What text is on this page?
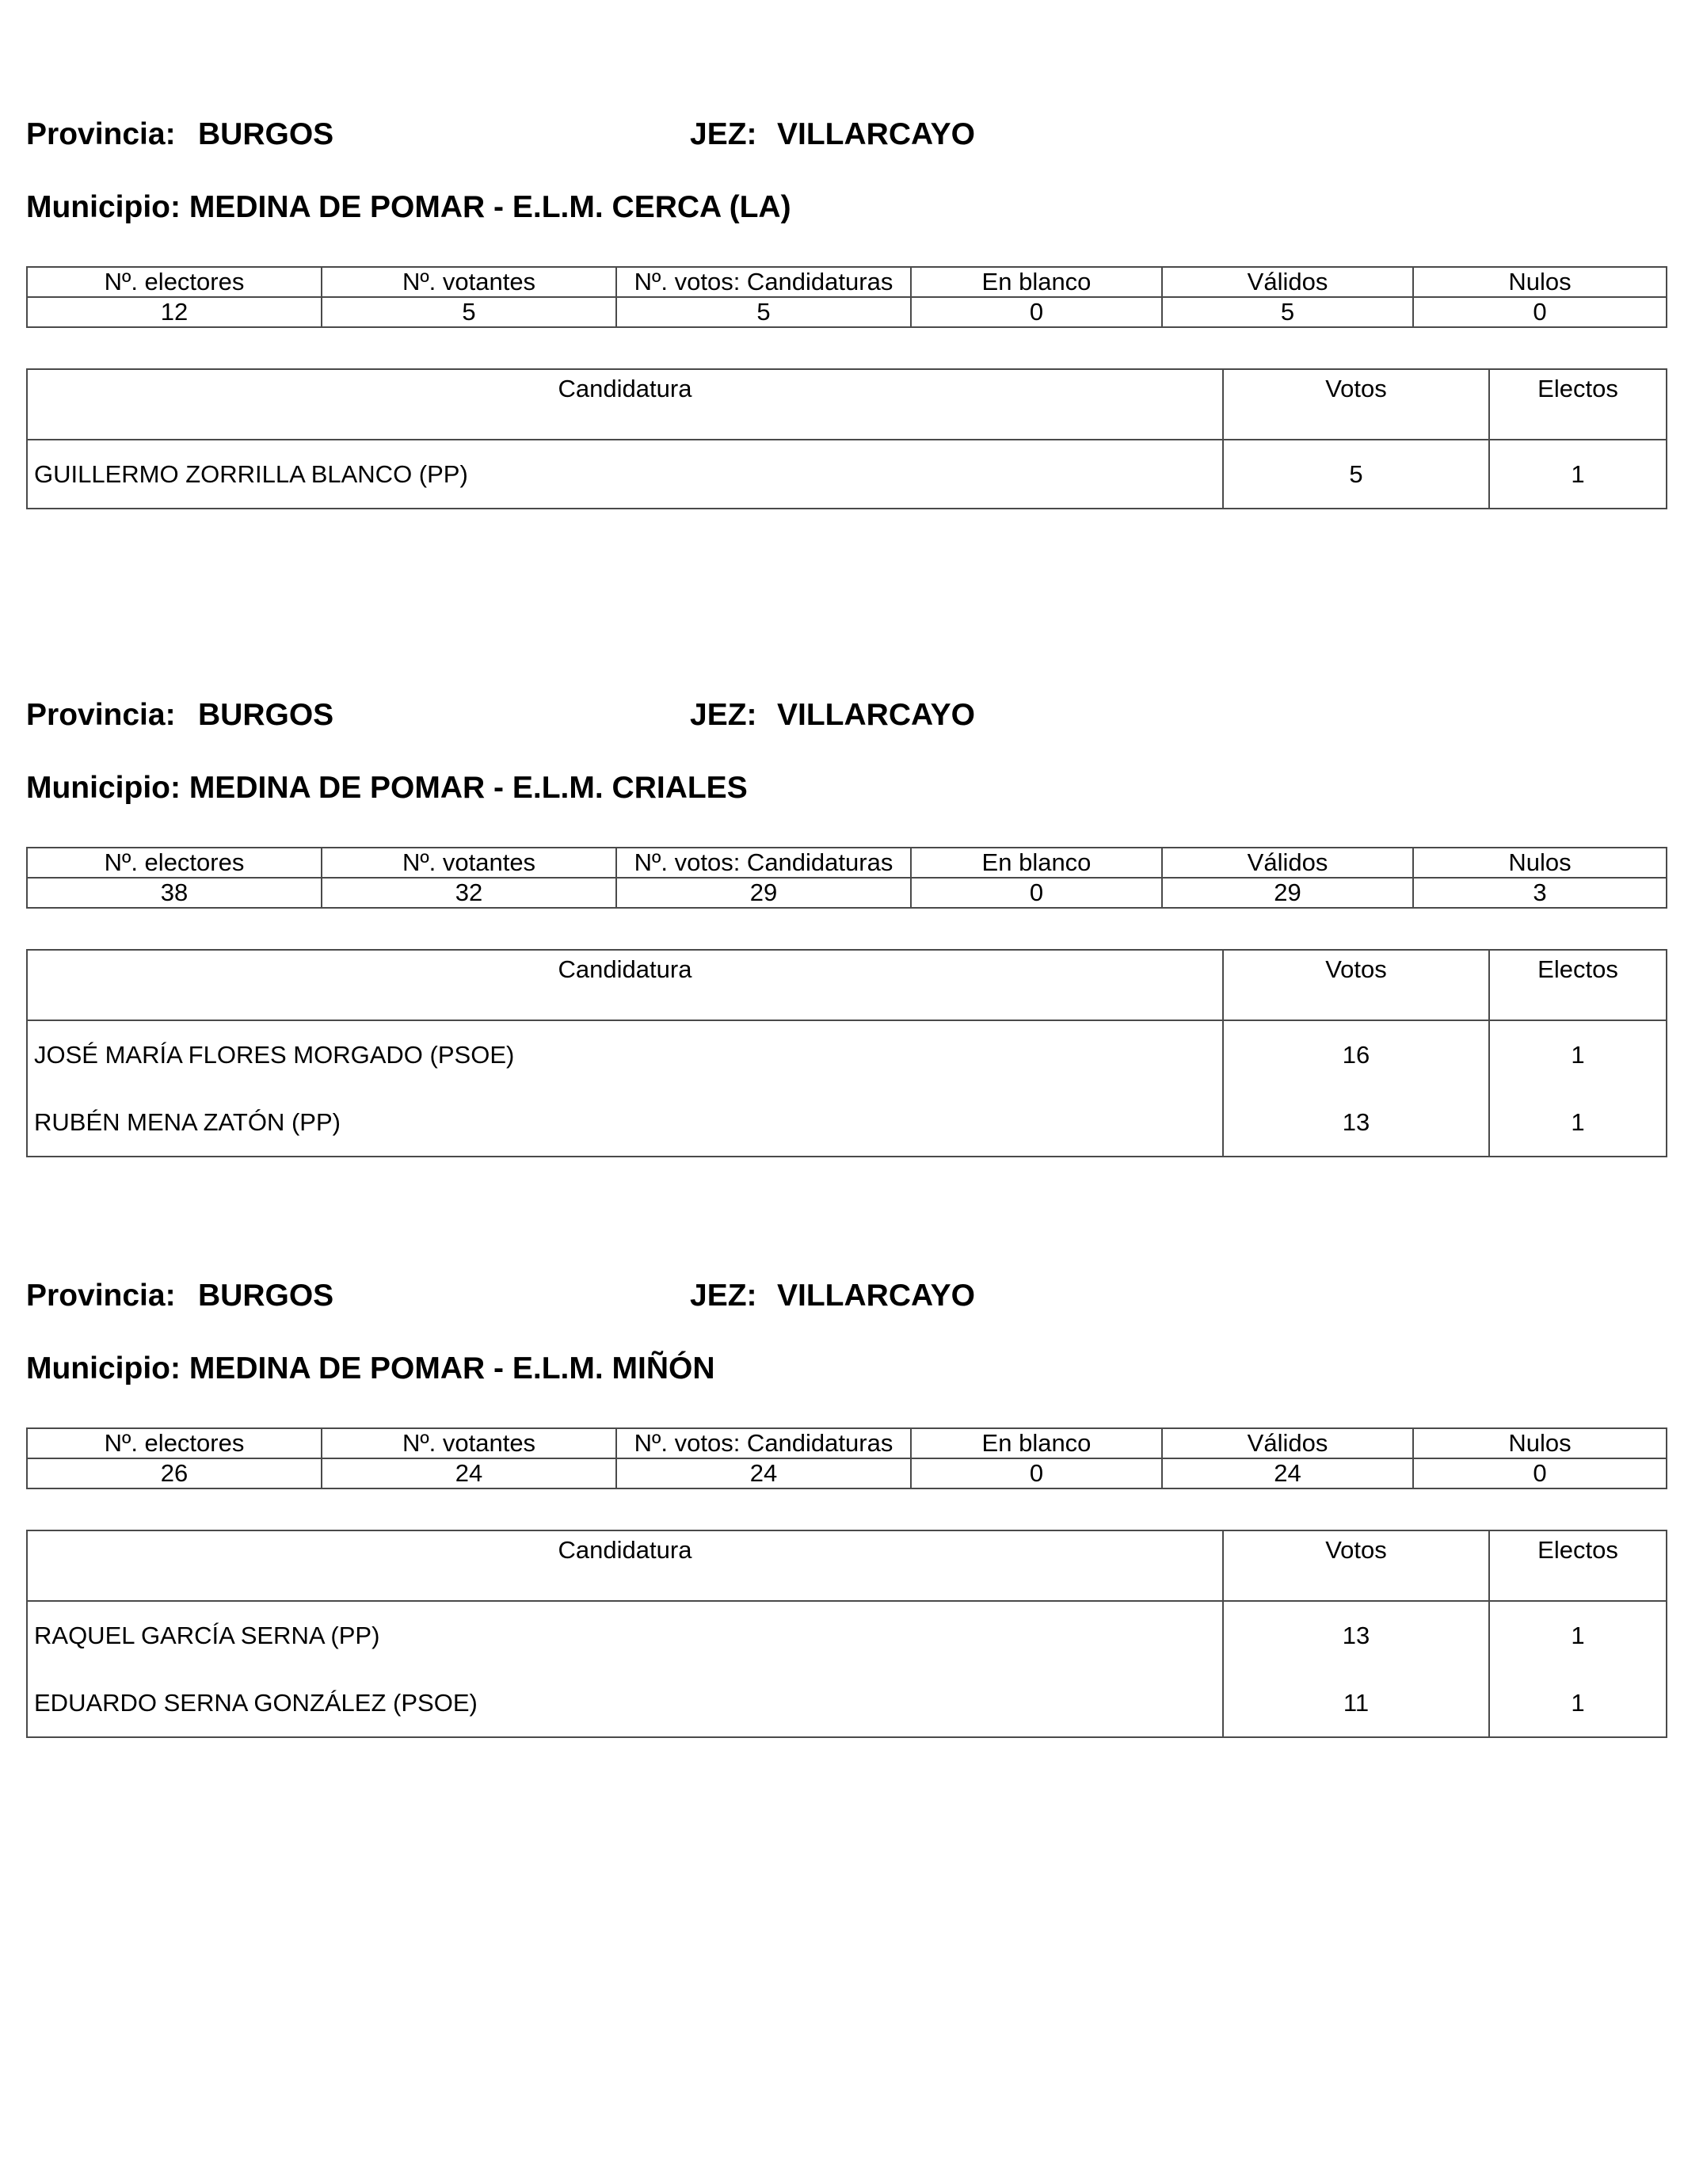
Provincia: BURGOS	JEZ: VILLARCAYO
Municipio: MEDINA DE POMAR - E.L.M. CERCA (LA)
Nº. electores	Nº. votantes	Nº. votos: Candidaturas	En blanco	Válidos	Nulos
12	5	5	0	5	0
Candidatura	Votos	Electos
GUILLERMO ZORRILLA BLANCO (PP)	5	1
Provincia: BURGOS	JEZ: VILLARCAYO
Municipio: MEDINA DE POMAR - E.L.M. CRIALES
Nº. electores	Nº. votantes	Nº. votos: Candidaturas	En blanco	Válidos	Nulos
38	32	29	0	29	3
Candidatura	Votos	Electos
JOSÉ MARÍA FLORES MORGADO (PSOE)	16	1
RUBÉN MENA ZATÓN (PP)	13	1
Provincia: BURGOS	JEZ: VILLARCAYO
Municipio: MEDINA DE POMAR - E.L.M. MIÑÓN
Nº. electores	Nº. votantes	Nº. votos: Candidaturas	En blanco	Válidos	Nulos
26	24	24	0	24	0
Candidatura	Votos	Electos
RAQUEL GARCÍA SERNA (PP)	13	1
EDUARDO SERNA GONZÁLEZ (PSOE)	11	1
